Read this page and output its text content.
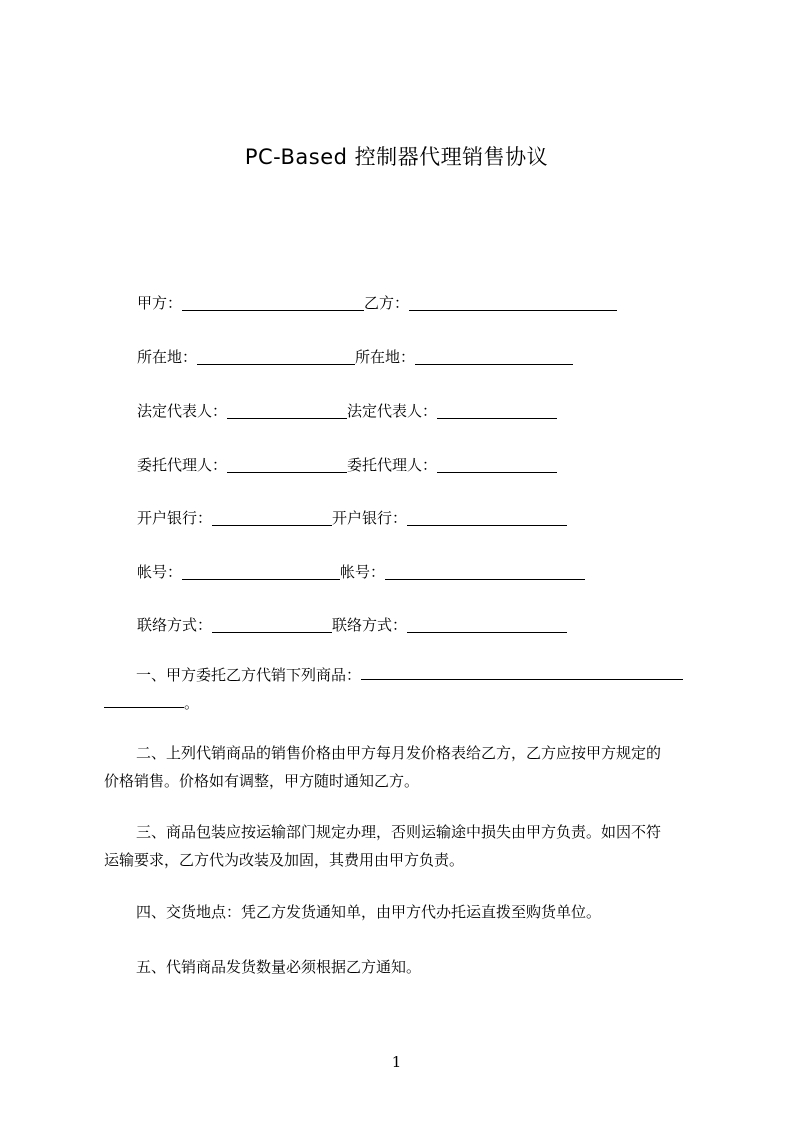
PC-Based 控制器代理销售协议
甲方：	乙方：
所在地：	所在地：
法定代表人：	法定代表人：
委托代理人：	委托代理人：
开户银行：	开户银行：
帐号：	帐号：
联络方式：	联络方式：
一、甲方委托乙方代销下列商品：
。
二、上列代销商品的销售价格由甲方每月发价格表给乙方，乙方应按甲方规定的
价格销售。价格如有调整，甲方随时通知乙方。
三、商品包装应按运输部门规定办理，否则运输途中损失由甲方负责。如因不符
运输要求，乙方代为改装及加固，其费用由甲方负责。
四、交货地点：凭乙方发货通知单，由甲方代办托运直拨至购货单位。
五、代销商品发货数量必须根据乙方通知。
1
